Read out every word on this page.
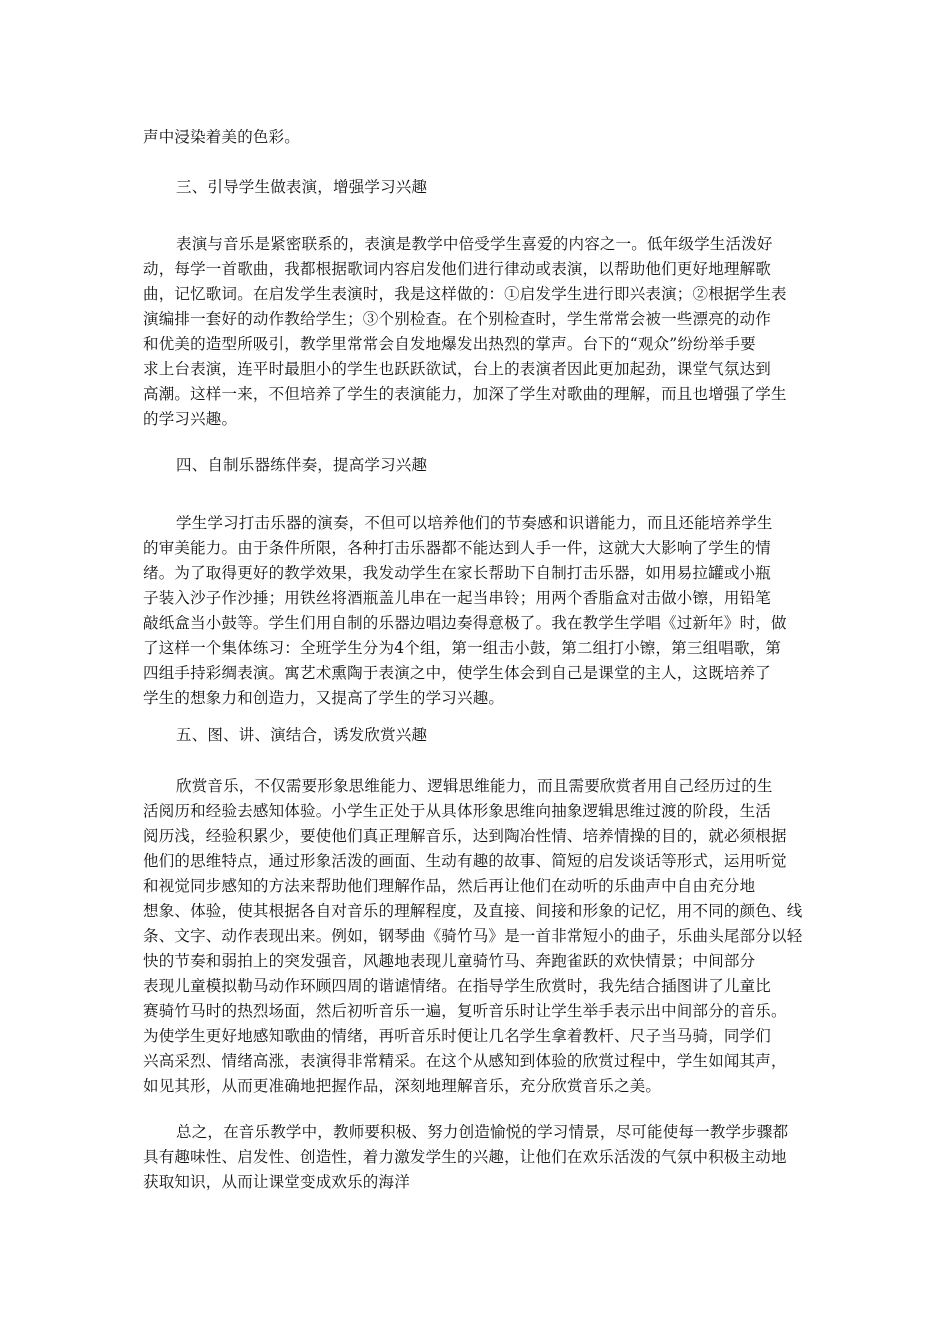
声中浸染着美的色彩。
三、引导学生做表演，增强学习兴趣
表演与音乐是紧密联系的，表演是教学中倍受学生喜爱的内容之一。低年级学生活泼好
动，每学一首歌曲，我都根据歌词内容启发他们进行律动或表演，以帮助他们更好地理解歌
曲，记忆歌词。在启发学生表演时，我是这样做的：①启发学生进行即兴表演；②根据学生表
演编排一套好的动作教给学生；③个别检查。在个别检查时，学生常常会被一些漂亮的动作
和优美的造型所吸引，教学里常常会自发地爆发出热烈的掌声。台下的“观众”纷纷举手要
求上台表演，连平时最胆小的学生也跃跃欲试，台上的表演者因此更加起劲，课堂气氛达到
高潮。这样一来，不但培养了学生的表演能力，加深了学生对歌曲的理解，而且也增强了学生
的学习兴趣。
四、自制乐器练伴奏，提高学习兴趣
学生学习打击乐器的演奏，不但可以培养他们的节奏感和识谱能力，而且还能培养学生
的审美能力。由于条件所限，各种打击乐器都不能达到人手一件，这就大大影响了学生的情
绪。为了取得更好的教学效果，我发动学生在家长帮助下自制打击乐器，如用易拉罐或小瓶
子装入沙子作沙捶；用铁丝将酒瓶盖儿串在一起当串铃；用两个香脂盒对击做小镲，用铅笔
敲纸盒当小鼓等。学生们用自制的乐器边唱边奏得意极了。我在教学生学唱《过新年》时，做
了这样一个集体练习：全班学生分为4个组，第一组击小鼓，第二组打小镲，第三组唱歌，第
四组手持彩绸表演。寓艺术熏陶于表演之中，使学生体会到自己是课堂的主人，这既培养了
学生的想象力和创造力，又提高了学生的学习兴趣。
五、图、讲、演结合，诱发欣赏兴趣
欣赏音乐，不仅需要形象思维能力、逻辑思维能力，而且需要欣赏者用自己经历过的生
活阅历和经验去感知体验。小学生正处于从具体形象思维向抽象逻辑思维过渡的阶段，生活
阅历浅，经验积累少，要使他们真正理解音乐，达到陶冶性情、培养情操的目的，就必须根据
他们的思维特点，通过形象活泼的画面、生动有趣的故事、简短的启发谈话等形式，运用听觉
和视觉同步感知的方法来帮助他们理解作品，然后再让他们在动听的乐曲声中自由充分地
想象、体验，使其根据各自对音乐的理解程度，及直接、间接和形象的记忆，用不同的颜色、线
条、文字、动作表现出来。例如，钢琴曲《骑竹马》是一首非常短小的曲子，乐曲头尾部分以轻
快的节奏和弱拍上的突发强音，风趣地表现儿童骑竹马、奔跑雀跃的欢快情景；中间部分
表现儿童模拟勒马动作环顾四周的谐谑情绪。在指导学生欣赏时，我先结合插图讲了儿童比
赛骑竹马时的热烈场面，然后初听音乐一遍，复听音乐时让学生举手表示出中间部分的音乐。
为使学生更好地感知歌曲的情绪，再听音乐时便让几名学生拿着教杆、尺子当马骑，同学们
兴高采烈、情绪高涨，表演得非常精采。在这个从感知到体验的欣赏过程中，学生如闻其声，
如见其形，从而更准确地把握作品，深刻地理解音乐，充分欣赏音乐之美。
总之，在音乐教学中，教师要积极、努力创造愉悦的学习情景，尽可能使每一教学步骤都
具有趣味性、启发性、创造性，着力激发学生的兴趣，让他们在欢乐活泼的气氛中积极主动地
获取知识，从而让课堂变成欢乐的海洋
